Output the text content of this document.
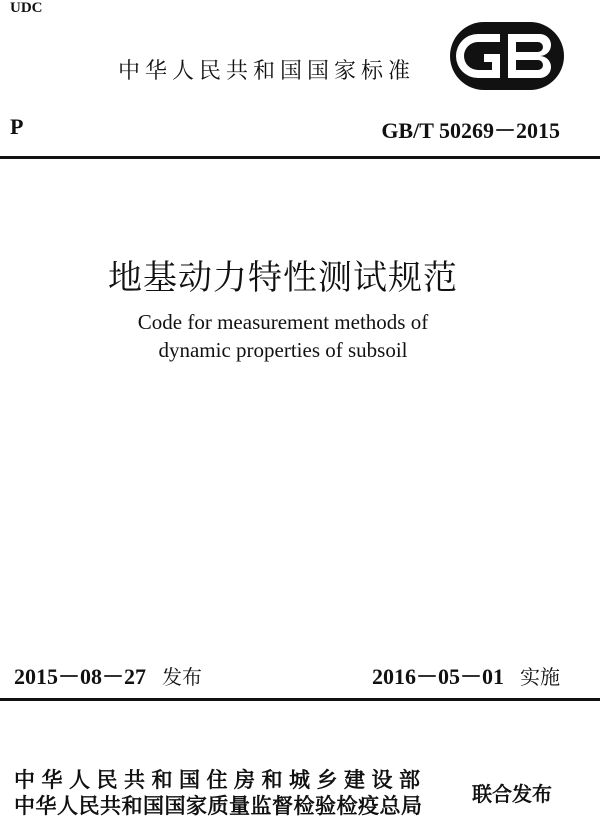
UDC
中华人民共和国国家标准
P	GB/T 50269－2015
地基动力特性测试规范
Code for measurement methods of
dynamic properties of subsoil
2015－08－27 发布	2016－05－01 实施
中华人民共和国住房和城乡建设部
中华人民共和国国家质量监督检验检疫总局 联合发布
